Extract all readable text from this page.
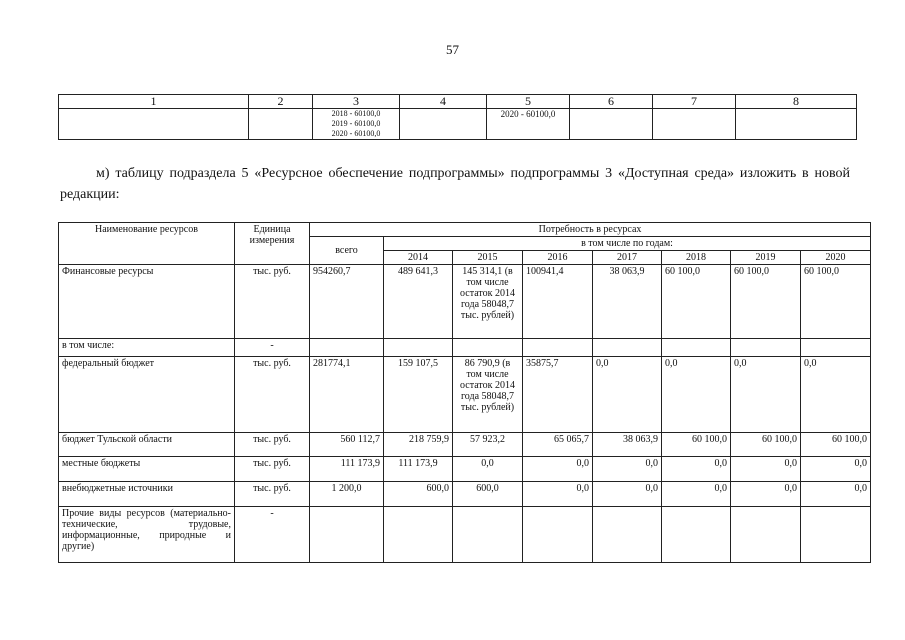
57
1	2	3	4	5	6	7	8

		2018 - 60100,0
2019 - 60100,0
2020 - 60100,0		2020 - 60100,0			
м) таблицу подраздела 5 «Ресурсное обеспечение подпрограммы» подпрограммы 3 «Доступная среда» изложить в новой редакции:
Наименование ресурсов	Единица измерения	Потребность в ресурсах							
		всего	в том числе по годам:						
			2014	2015	2016	2017	2018	2019	2020
Финансовые ресурсы	тыс. руб.	954260,7	489 641,3	145 314,1 (в том числе остаток 2014 года 58048,7 тыс. рублей)	100941,4	38 063,9	60 100,0	60 100,0	60 100,0
в том числе:	-								
федеральный бюджет	тыс. руб.	281774,1	159 107,5	86 790,9 (в том числе остаток 2014 года 58048,7 тыс. рублей)	35875,7	0,0	0,0	0,0	0,0
бюджет Тульской области	тыс. руб.	560 112,7	218 759,9	57 923,2	65 065,7	38 063,9	60 100,0	60 100,0	60 100,0
местные бюджеты	тыс. руб.	111 173,9	111 173,9	0,0	0,0	0,0	0,0	0,0	0,0
внебюджетные источники	тыс. руб.	1 200,0	600,0	600,0	0,0	0,0	0,0	0,0	0,0
Прочие виды ресурсов (материально-технические, трудовые, информационные, природные и другие)	-								
